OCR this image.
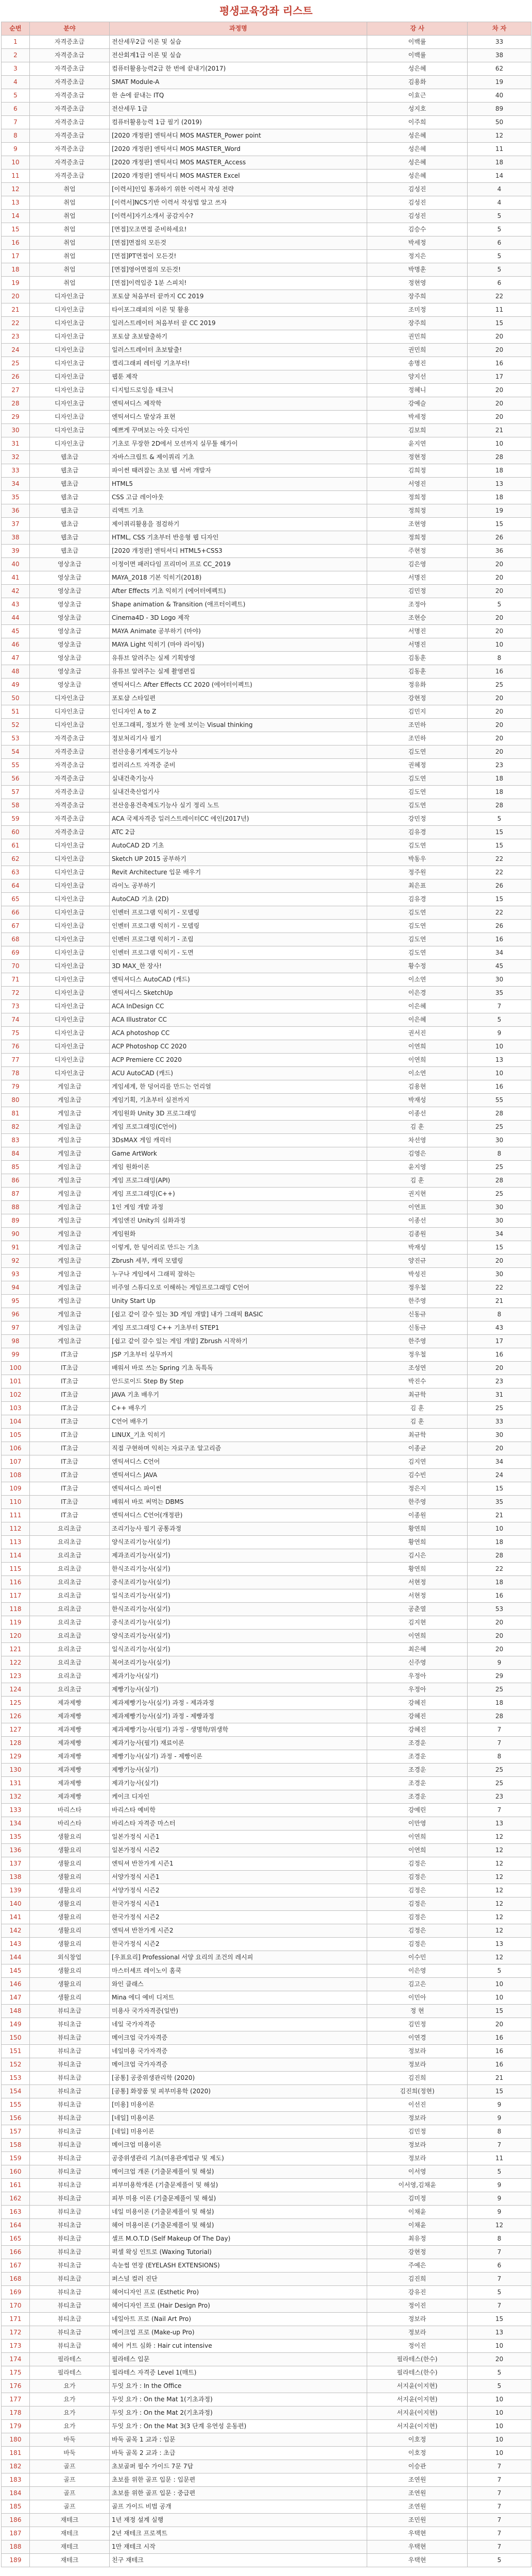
평생교육강좌 리스트
순번	분야	과정명	강 사	차 자
1	자격증초급	전산세무2급 이론 및 실습	이백률	33
2	자격증초급	전산회계1급 이론 및 실습	이백률	38
3	자격증초급	컴퓨터활용능력2급 한 번에 끝내기(2017)	성은혜	62
4	자격증초급	SMAT Module-A	김용화	19
5	자격증초급	한 손에 끝내는 ITQ	이효근	40
6	자격증초급	전산세무 1급	성지호	89
7	자격증초급	컴퓨터활용능력 1급 필기 (2019)	이주희	50
8	자격증초급	[2020 개정판] 엔틱셔디 MOS MASTER_Power point	성은혜	12
9	자격증초급	[2020 개정판] 엔틱셔디 MOS MASTER_Word	성은혜	11
10	자격증초급	[2020 개정판] 엔틱셔디 MOS MASTER_Access	성은혜	18
11	자격증초급	[2020 개정판] 엔틱셔디 MOS MASTER Excel	성은혜	14
12	취업	[이력서]인입 통과하기 위한 이력서 작성 전략	김성진	4
13	취업	[이력서]NCS기반 이력서 작성법 알고 쓰자	김성진	4
14	취업	[이력서]자기소개서 공감지수?	김성진	5
15	취업	[면접]모조면접 준비하세요!	김승수	5
16	취업	[면접]면접의 모든것	박세정	6
17	취업	[면접]PT면접이 모든것!	정지은	5
18	취업	[면접]영어면접의 모든것!	박명훈	5
19	취업	[면접]이력입증 1분 스피치!	정현영	6
20	디자인초급	포토샵 처음부터 끝까지 CC 2019	장주희	22
21	디자인초급	타이포그래피의 이론 및 활용	조미정	11
22	디자인초급	일러스트레이터 처음부터 끝 CC 2019	장주희	15
23	디자인초급	포토샵 초보탈출하기	권민희	20
24	디자인초급	일러스트레이터 초보탈출!	권민희	20
25	디자인초급	캘리그래피 레터링 기초부터!	송명진	16
26	디자인초급	웹툰 제작	양지선	17
27	디자인초급	디지털드로잉을 태크닉	정혜니	20
28	디자인초급	엔틱셔디스 제작학	강예슬	20
29	디자인초급	엔틱셔디스 발상과 표현	박세정	20
30	디자인초급	예쁘게 꾸며보는 아웃 디자인	김보희	21
31	디자인초급	기초로 무장한 2D에서 모션까지 실무툴 해가이	윤지연	10
32	웹초급	자바스크립트 & 제이쿼리 기초	정현정	28
33	웹초급	파이썬 때려잡는 초보 웹 서버 개발자	김희정	18
34	웹초급	HTML5	서영진	13
35	웹초급	CSS 고급 레이아웃	정희정	18
36	웹초급	리액트 기초	정희정	19
37	웹초급	제이쿼리활용을 점검하기	조현영	15
38	웹초급	HTML, CSS 기초부터 반응형 웹 디자인	정희정	26
39	웹초급	[2020 개정판] 엔틱셔디 HTML5+CSS3	주현정	36
40	영상초급	이정이면 패러다임 프리미어 프로 CC_2019	김은영	20
41	영상초급	MAYA_2018 기본 익히기(2018)	서명진	20
42	영상초급	After Effects 기초 익히기 (에어터에펙트)	김민정	20
43	영상초급	Shape animation & Transition (애프터이펙트)	조정아	5
44	영상초급	Cinema4D - 3D Logo 제작	조현승	20
45	영상초급	MAYA Animate 공부하기 (마야)	서명진	20
46	영상초급	MAYA Light 익히기 (마야 라이팅)	서명진	10
47	영상초급	유튜브 알려주는 실제 기획방영	김동훈	8
48	영상초급	유튜브 알려주는 실제 촬영편집	김동훈	16
49	영상초급	엔틱셔디스 After Effects CC 2020 (에어터이펙트)	정유화	25
50	디자인초급	포토샵 스타일편	강현정	20
51	디자인초급	인디자인 A to Z	김민지	20
52	디자인초급	인포그래픽, 정보가 한 눈에 보이는 Visual thinking	조민하	20
53	자격증초급	정보처리기사 필기	조민하	20
54	자격증초급	전산응용기계제도기능사	김도연	20
55	자격증초급	컬러리스트 자격증 준비	권혜정	23
56	자격증초급	실내건축기능사	김도연	18
57	자격증초급	실내건축산업기사	김도연	18
58	자격증초급	전산응용건축제도기능사 실기 정리 노트	김도연	28
59	자격증초급	ACA 국제자격증 일러스트레이터CC 에인(2017년)	강민정	5
60	자격증초급	ATC 2급	김유경	15
61	디자인초급	AutoCAD 2D 기초	김도연	15
62	디자인초급	Sketch UP 2015 공부하기	박동우	22
63	디자인초급	Revit Architecture 입문 배우기	정주원	22
64	디자인초급	라이노 공부하기	최은표	26
65	디자인초급	AutoCAD 기초 (2D)	김유경	15
66	디자인초급	인벤터 프로그램 익히기 - 모델링	김도연	22
67	디자인초급	인벤터 프로그램 익히기 - 모델링	김도연	26
68	디자인초급	인벤터 프로그램 익히기 - 조립	김도연	16
69	디자인초급	인벤터 프로그램 익히기 - 도면	김도연	34
70	디자인초급	3D MAX_한 장사!	황수정	45
71	디자인초급	엔틱셔디스 AutoCAD (캐드)	이소연	30
72	디자인초급	엔틱셔디스 SketchUp	이은경	35
73	디자인초급	ACA InDesign CC	이은혜	7
74	디자인초급	ACA Illustrator CC	이은혜	5
75	디자인초급	ACA photoshop CC	권서진	9
76	디자인초급	ACP Photoshop CC 2020	이연희	10
77	디자인초급	ACP Premiere CC 2020	이연희	13
78	디자인초급	ACU AutoCAD (캐드)	이소연	10
79	게임초급	게임세계, 한 덩어리를 만드는 언리얼	김용현	16
80	게임초급	게임기획, 기초부터 실전까지	박재성	55
81	게임초급	게임원화 Unity 3D 프로그래밍	이종선	28
82	게임초급	게임 프로그래밍(C언어)	김 훈	25
83	게임초급	3DsMAX 게임 캐릭터	차선영	30
84	게임초급	Game ArtWork	김영은	8
85	게임초급	게임 원화이론	윤지영	25
86	게임초급	게임 프로그래밍(API)	김 훈	28
87	게임초급	게임 프로그래밍(C++)	권지현	25
88	게임초급	1인 게임 개발 과정	이연표	30
89	게임초급	게임엔진 Unity의 심화과정	이종선	30
90	게임초급	게임원화	김종원	34
91	게임초급	이렇게, 한 덩어리로 만드는 기초	박재성	15
92	게임초급	Zbrush 세부, 캐릭 모델링	양진규	20
93	게임초급	누구나 게임에서 그래픽 잘하는	박성진	30
94	게임초급	비주얼 스튜디오로 이해하는 게임프로그래밍 C언어	정우철	22
95	게임초급	Unity Start Up	한주영	21
96	게임초급	[쉽고 같이 갈수 있는 3D 게임 개발] 내가 그래픽 BASIC	신동규	8
97	게임초급	게임 프로그래밍 C++ 기초부터 STEP1	신동규	43
98	게임초급	[쉽고 같이 갈수 있는 게임 개발] Zbrush 시작하기	한주영	17
99	IT초급	JSP 기초부터 실무까지	정우철	16
100	IT초급	배워서 바로 쓰는 Spring 기초 독특독	조성연	20
101	IT초급	안드로이드 Step By Step	박진수	23
102	IT초급	JAVA 기초 배우기	최규학	31
103	IT초급	C++ 배우기	김 훈	25
104	IT초급	C언어 배우기	김 훈	33
105	IT초급	LINUX_기초 익히기	최규학	30
106	IT초급	직접 구현하며 익히는 자료구조 알고리즘	이종균	20
107	IT초급	엔틱셔디스 C언어	김지연	34
108	IT초급	엔틱셔디스 JAVA	김수빈	24
109	IT초급	엔틱셔디스 파이썬	정은지	15
110	IT초급	배워서 바로 써먹는 DBMS	한주영	35
111	IT초급	엔틱셔디스 C언어(개정판)	이종원	21
112	요리초급	조리기능사 필기 공통과정	황연희	10
113	요리초급	양식조리기능사(실기)	황연희	18
114	요리초급	제과조리기능사(실기)	김시은	28
115	요리초급	한식조리기능사(실기)	황연희	22
116	요리초급	중식조리기능사(실기)	서현정	18
117	요리초급	일식조리기능사(실기)	서현정	16
118	요리초급	한식조리기능사(실기)	공춘열	53
119	요리초급	중식조리기능사(실기)	김지현	20
120	요리초급	양식조리기능사(실기)	이연희	20
121	요리초급	일식조리기능사(실기)	최은혜	20
122	요리초급	복어조리기능사(실기)	신주영	9
123	요리초급	제과기능사(실기)	우정아	29
124	요리초급	제빵기능사(실기)	우정아	25
125	제과제빵	제과제빵기능사(실기) 과정 - 제과과정	강혜진	18
126	제과제빵	제과제빵기능사(실기) 과정 - 제빵과정	강혜진	28
127	제과제빵	제과제빵기능사(필기) 과정 - 생명학/위생학	강혜진	7
128	제과제빵	제과기능사(필기) 재료이론	조경운	7
129	제과제빵	제빵기능사(실기) 과정 - 제빵이론	조경운	8
130	제과제빵	제빵기능사(실기)	조경운	25
131	제과제빵	제과기능사(실기)	조경운	25
132	제과제빵	케이크 디자인	조경운	23
133	바리스타	바리스타 예비학	강예린	7
134	바리스타	바리스타 자격증 마스터	이만영	13
135	생활요리	일본가정식 시즌1	이연희	12
136	생활요리	일본가정식 시즌2	이연희	12
137	생활요리	엔틱셔 반찬가게 시즌1	김정은	12
138	생활요리	서양가정식 시즌1	김정은	12
139	생활요리	서양가정식 시즌2	김정은	12
140	생활요리	한국가정식 시즌1	김정은	12
141	생활요리	한국가정식 시즌2	김정은	12
142	생활요리	엔틱셔 반찬가게 시즌2	김정은	12
143	생활요리	한국가정식 시즌2	김정은	13
144	외식창업	[우표요리] Professional 서양 요리의 조건의 레시피	이수민	12
145	생활요리	마스터셰프 레이노이 홈쿡	이은영	5
146	생활요리	와인 클래스	김고은	10
147	생활요리	Mina 에디 예비 디저트	이민아	10
148	뷰티초급	미용사 국가자격증(일반)	정 현	15
149	뷰티초급	네일 국가자격증	김민정	20
150	뷰티초급	메이크업 국가자격증	이연경	16
151	뷰티초급	네일미용 국가자격증	정보라	16
152	뷰티초급	메이크업 국가자격증	정보라	16
153	뷰티초급	[공통] 공중위생관리학 (2020)	김진희	21
154	뷰티초급	[공통] 화장품 및 피부미용학 (2020)	김진희(정현)	15
155	뷰티초급	[미용] 미용이론	이선진	9
156	뷰티초급	[네일] 미용이론	정보라	9
157	뷰티초급	[네일] 미용이론	김민정	8
158	뷰티초급	메이크업 미용이론	정보라	7
159	뷰티초급	공중위생관리 기초(미용관계법규 및 제도)	정보라	11
160	뷰티초급	메이크업 개론 (기출문제풀이 및 해설)	이서영	5
161	뷰티초급	피부미용학개론 (기출문제풀이 및 해설)	이서영,김채윤	9
162	뷰티초급	피부 미용 이론 (기출문제풀이 및 해설)	김미정	9
163	뷰티초급	네일 미용이론 (기출문제풀이 및 해설)	이채윤	9
164	뷰티초급	헤어 미용이론 (기출문제풀이 및 해설)	이채윤	12
165	뷰티초급	셀프 M.O.T.D (Self Makeup Of The Day)	최유정	8
166	뷰티초급	퍽셀 왁싱 인트로 (Waxing Tutorial)	강현정	7
167	뷰티초급	속눈썹 연장 (EYELASH EXTENSIONS)	주예은	6
168	뷰티초급	퍼스널 컬러 진단	김진희	7
169	뷰티초급	헤어디자인 프로 (Esthetic Pro)	강유진	5
170	뷰티초급	헤어디자인 프로 (Hair Design Pro)	정이진	7
171	뷰티초급	네일아트 프로 (Nail Art Pro)	정보라	15
172	뷰티초급	메이크업 프로 (Make-up Pro)	정보라	13
173	뷰티초급	헤어 커트 심화 : Hair cut intensive	정이진	10
174	필라테스	필라테스 입문	필라테스(한수)	20
175	필라테스	필라테스 자격증 Level 1(매트)	필라테스(한수)	5
176	요가	두잇 요가 : In the Office	서지윤(이지현)	5
177	요가	두잇 요가 : On the Mat 1(기초과정)	서지윤(이지현)	10
178	요가	두잇 요가 : On the Mat 2(기초과정)	서지윤(이지현)	10
179	요가	두잇 요가 : On the Mat 3(3 단계 유연성 운동편)	서지윤(이지현)	10
180	바둑	바둑 골목 1 교과 : 입문	이호정	10
181	바둑	바둑 골목 2 교과 : 초급	이호정	10
182	골프	초보골퍼 필수 가이드 7문 7답	이승관	7
183	골프	초보를 위한 골프 입문 : 입문편	조연원	7
184	골프	초보를 위한 골프 입문 : 중급편	조연원	7
185	골프	골프 가이드 비법 공개	조연원	7
186	재테크	1년 재정 설계 실행	조민원	7
187	재테크	2년 재테크 프로젝트	우택현	7
188	재테크	1만 재테크 시작	우택현	7
189	재테크	친구 재테크	우택현	5
